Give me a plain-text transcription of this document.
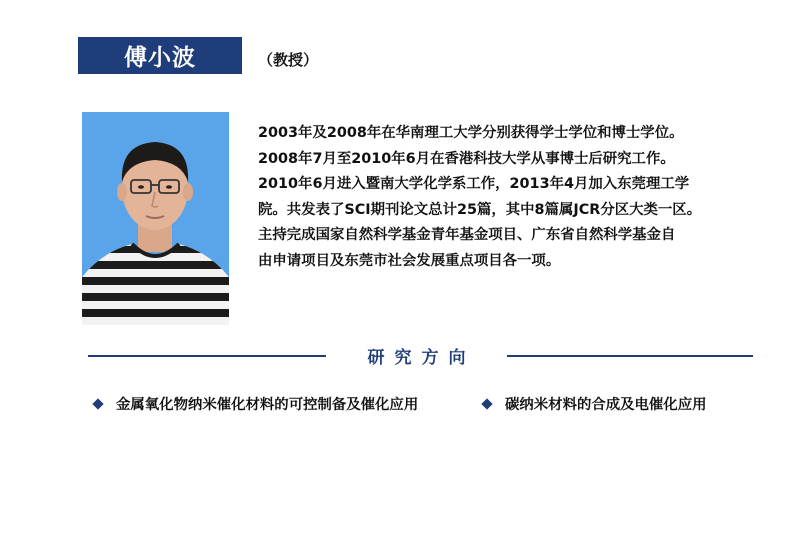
傅小波	（教授）

2003年及2008年在华南理工大学分别获得学士学位和博士学位。

2008年7月至2010年6月在香港科技大学从事博士后研究工作。

2010年6月进入暨南大学化学系工作，2013年4月加入东莞理工学

院。共发表了SCI期刊论文总计25篇，其中8篇属JCR分区大类一区。

主持完成国家自然科学基金青年基金项目、广东省自然科学基金自

由申请项目及东莞市社会发展重点项目各一项。

研究方向
金属氧化物纳米催化材料的可控制备及催化应用	碳纳米材料的合成及电催化应用
